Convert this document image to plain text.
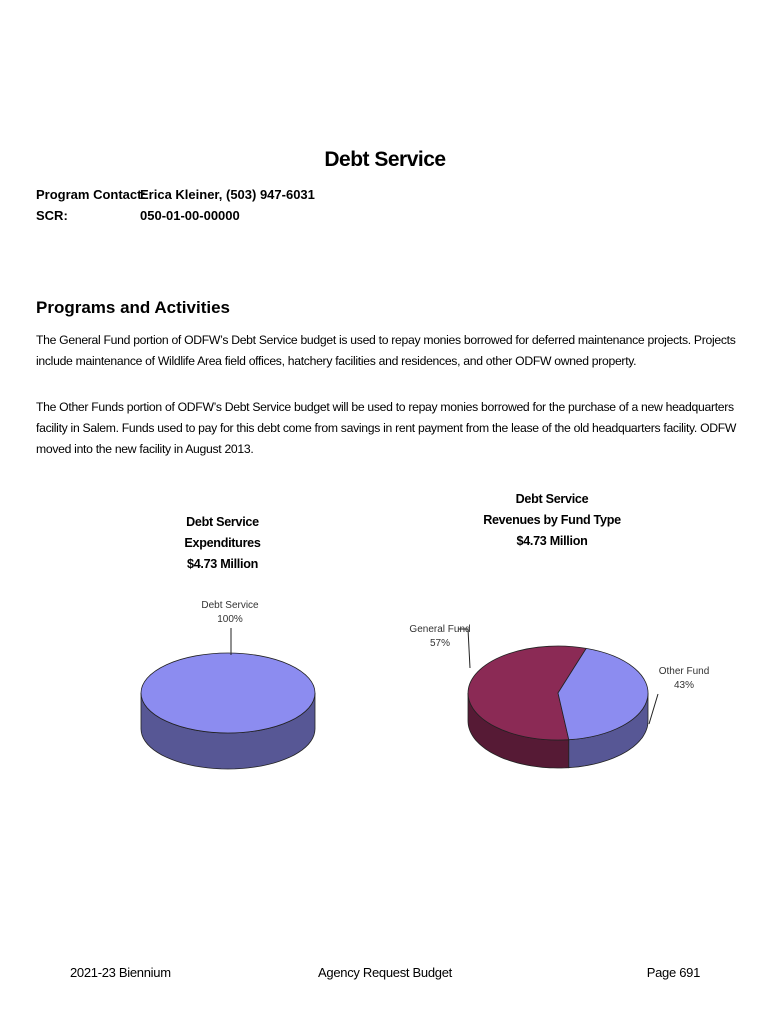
Debt Service
Program Contact:
Erica Kleiner, (503) 947-6031
SCR:	050-01-00-00000
Programs and Activities

The General Fund portion of ODFW’s Debt Service budget is used to repay monies borrowed for deferred maintenance projects. Projects include maintenance of Wildlife Area field offices, hatchery facilities and residences, and other ODFW owned property.

The Other Funds portion of ODFW’s Debt Service budget will be used to repay monies borrowed for the purchase of a new headquarters facility in Salem. Funds used to pay for this debt come from savings in rent payment from the lease of the old headquarters facility. ODFW moved into the new facility in August 2013.

Debt Service
Expenditures
$4.73 Million
Debt Service
Revenues by Fund Type
$4.73 Million
Debt Service
100%
General Fund
57%
Other Fund
43%
2021-23 Biennium	Agency Request Budget	Page 691
